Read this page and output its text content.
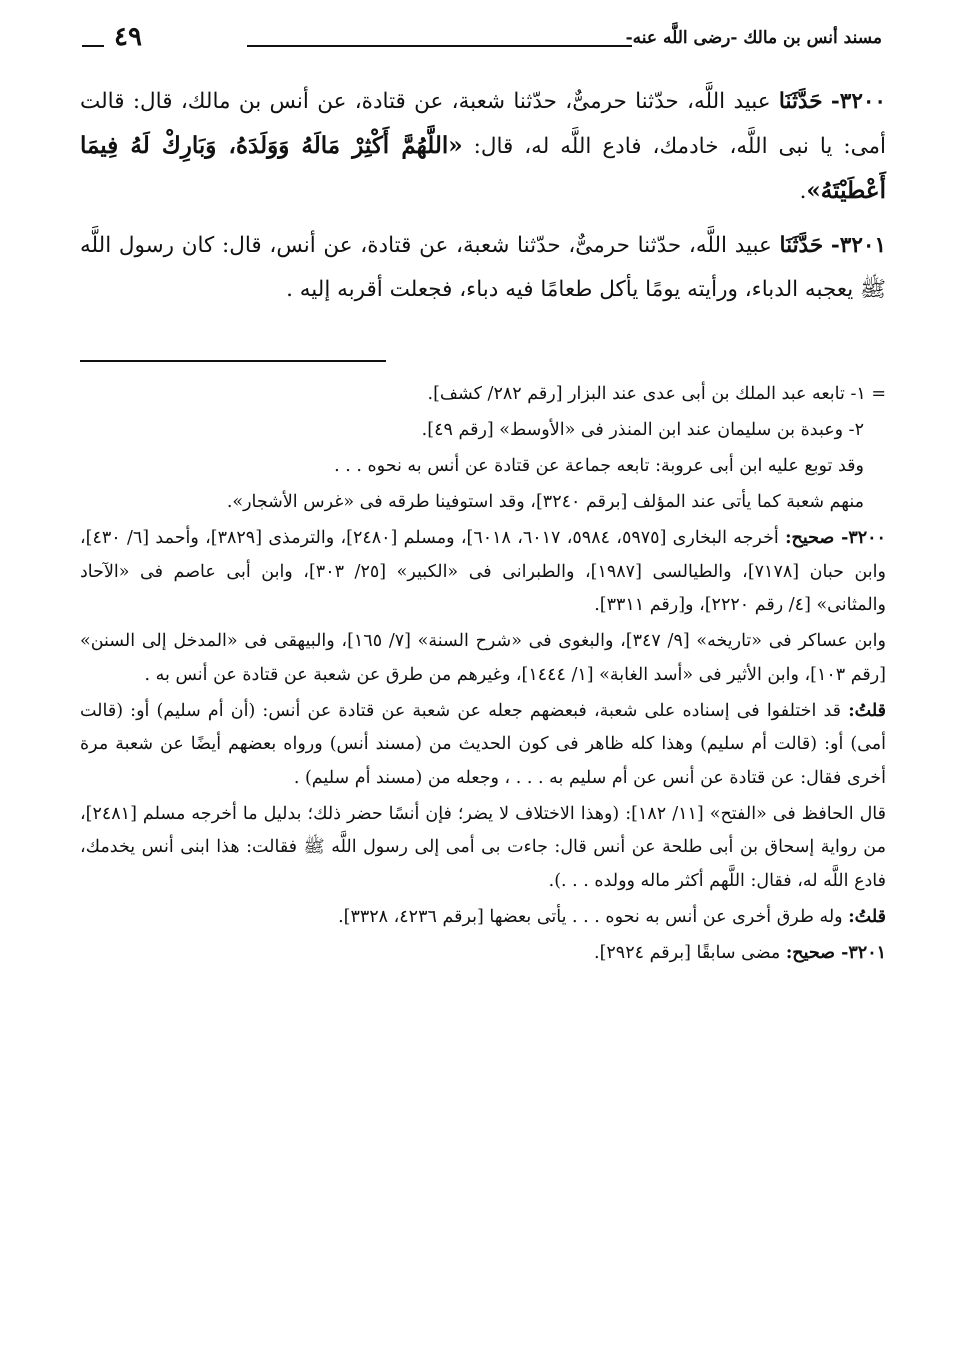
مسند أنس بن مالك -رضى اللَّه عنه-
٤٩

٣٢٠٠- حَدَّثَنَا عبيد اللَّه، حدّثنا حرمىٌّ، حدّثنا شعبة، عن قتادة، عن أنس بن مالك، قال: قالت أمى: يا نبى اللَّه، خادمك، فادع اللَّه له، قال: «اللَّهُمَّ أَكْثِرْ مَالَهُ وَوَلَدَهُ، وَبَارِكْ لَهُ فِيمَا أَعْطَيْتَهُ».

٣٢٠١- حَدَّثَنَا عبيد اللَّه، حدّثنا حرمىٌّ، حدّثنا شعبة، عن قتادة، عن أنس، قال: كان رسول اللَّه ﷺ يعجبه الدباء، ورأيته يومًا يأكل طعامًا فيه دباء، فجعلت أقربه إليه .

= ١- تابعه عبد الملك بن أبى عدى عند البزار [رقم ٢٨٢/ كشف].

٢- وعبدة بن سليمان عند ابن المنذر فى «الأوسط» [رقم ٤٩].

وقد توبع عليه ابن أبى عروبة: تابعه جماعة عن قتادة عن أنس به نحوه . . .

منهم شعبة كما يأتى عند المؤلف [برقم ٣٢٤٠]، وقد استوفينا طرقه فى «غرس الأشجار».

٣٢٠٠- صحيح: أخرجه البخارى [٥٩٧٥، ٥٩٨٤، ٦٠١٧، ٦٠١٨]، ومسلم [٢٤٨٠]، والترمذى [٣٨٢٩]، وأحمد [٦/ ٤٣٠]، وابن حبان [٧١٧٨]، والطيالسى [١٩٨٧]، والطبرانى فى «الكبير» [٢٥/ ٣٠٣]، وابن أبى عاصم فى «الآحاد والمثانى» [٤/ رقم ٢٢٢٠]، و[رقم ٣٣١١].

وابن عساكر فى «تاريخه» [٩/ ٣٤٧]، والبغوى فى «شرح السنة» [٧/ ١٦٥]، والبيهقى فى «المدخل إلى السنن» [رقم ١٠٣]، وابن الأثير فى «أسد الغابة» [١/ ١٤٤٤]، وغيرهم من طرق عن شعبة عن قتادة عن أنس به .

قلتُ: قد اختلفوا فى إسناده على شعبة، فبعضهم جعله عن شعبة عن قتادة عن أنس: (أن أم سليم) أو: (قالت أمى) أو: (قالت أم سليم) وهذا كله ظاهر فى كون الحديث من (مسند أنس) ورواه بعضهم أيضًا عن شعبة مرة أخرى فقال: عن قتادة عن أنس عن أم سليم به . . . ، وجعله من (مسند أم سليم) .

قال الحافظ فى «الفتح» [١١/ ١٨٢]: (وهذا الاختلاف لا يضر؛ فإن أنسًا حضر ذلك؛ بدليل ما أخرجه مسلم [٢٤٨١]، من رواية إسحاق بن أبى طلحة عن أنس قال: جاءت بى أمى إلى رسول اللَّه ﷺ فقالت: هذا ابنى أنس يخدمك، فادع اللَّه له، فقال: اللَّهم أكثر ماله وولده . . .).

قلتُ: وله طرق أخرى عن أنس به نحوه . . . يأتى بعضها [برقم ٤٢٣٦، ٣٣٢٨].

٣٢٠١- صحيح: مضى سابقًا [برقم ٢٩٢٤].
